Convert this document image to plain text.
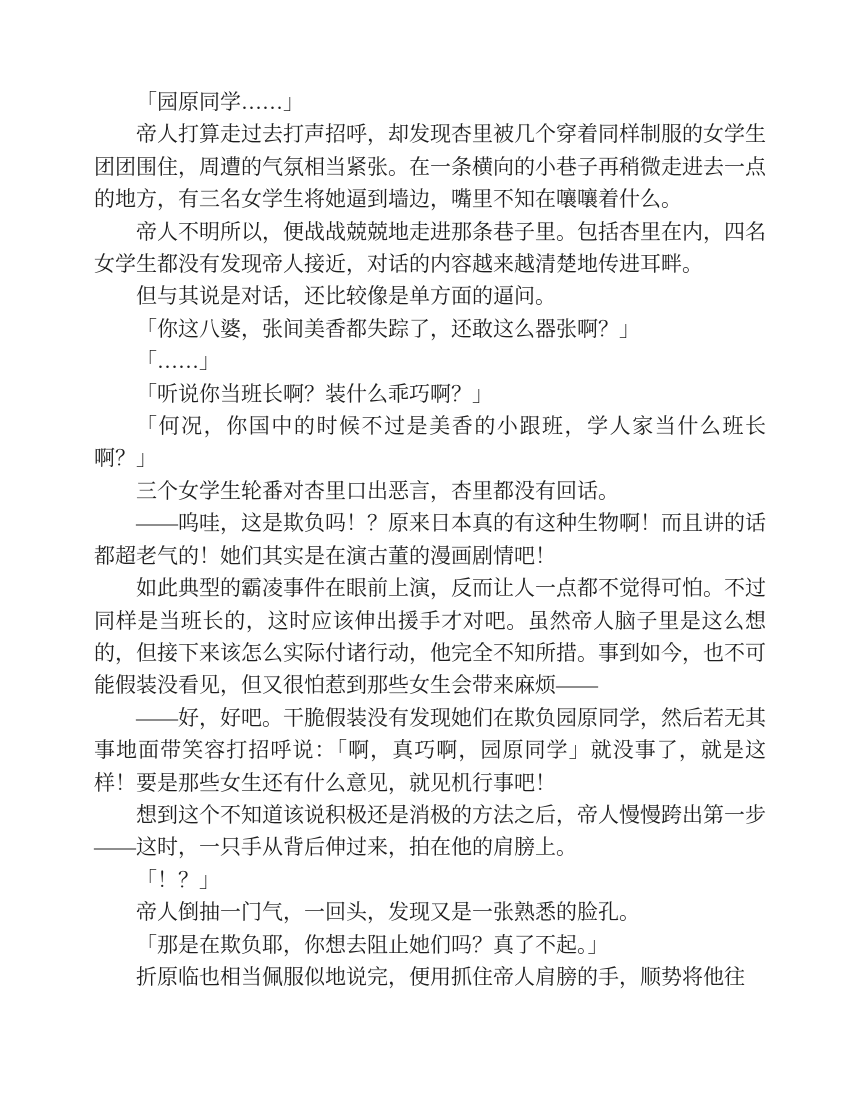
「园原同学……」

帝人打算走过去打声招呼，却发现杏里被几个穿着同样制服的女学生团团围住，周遭的气氛相当紧张。在一条横向的小巷子再稍微走进去一点的地方，有三名女学生将她逼到墙边，嘴里不知在嚷嚷着什么。

帝人不明所以，便战战兢兢地走进那条巷子里。包括杏里在内，四名女学生都没有发现帝人接近，对话的内容越来越清楚地传进耳畔。

但与其说是对话，还比较像是单方面的逼问。

「你这八婆，张间美香都失踪了，还敢这么器张啊？」

「……」

「听说你当班长啊？装什么乖巧啊？」

「何况，你国中的时候不过是美香的小跟班，学人家当什么班长啊？」

三个女学生轮番对杏里口出恶言，杏里都没有回话。

——呜哇，这是欺负吗！？原来日本真的有这种生物啊！而且讲的话都超老气的！她们其实是在演古董的漫画剧情吧！

如此典型的霸凌事件在眼前上演，反而让人一点都不觉得可怕。不过同样是当班长的，这时应该伸出援手才对吧。虽然帝人脑子里是这么想的，但接下来该怎么实际付诸行动，他完全不知所措。事到如今，也不可能假装没看见，但又很怕惹到那些女生会带来麻烦——

——好，好吧。干脆假装没有发现她们在欺负园原同学，然后若无其事地面带笑容打招呼说：「啊，真巧啊，园原同学」就没事了，就是这样！要是那些女生还有什么意见，就见机行事吧！

想到这个不知道该说积极还是消极的方法之后，帝人慢慢跨出第一步——这时，一只手从背后伸过来，拍在他的肩膀上。

「！？」

帝人倒抽一门气，一回头，发现又是一张熟悉的脸孔。

「那是在欺负耶，你想去阻止她们吗？真了不起。」

折原临也相当佩服似地说完，便用抓住帝人肩膀的手，顺势将他往
